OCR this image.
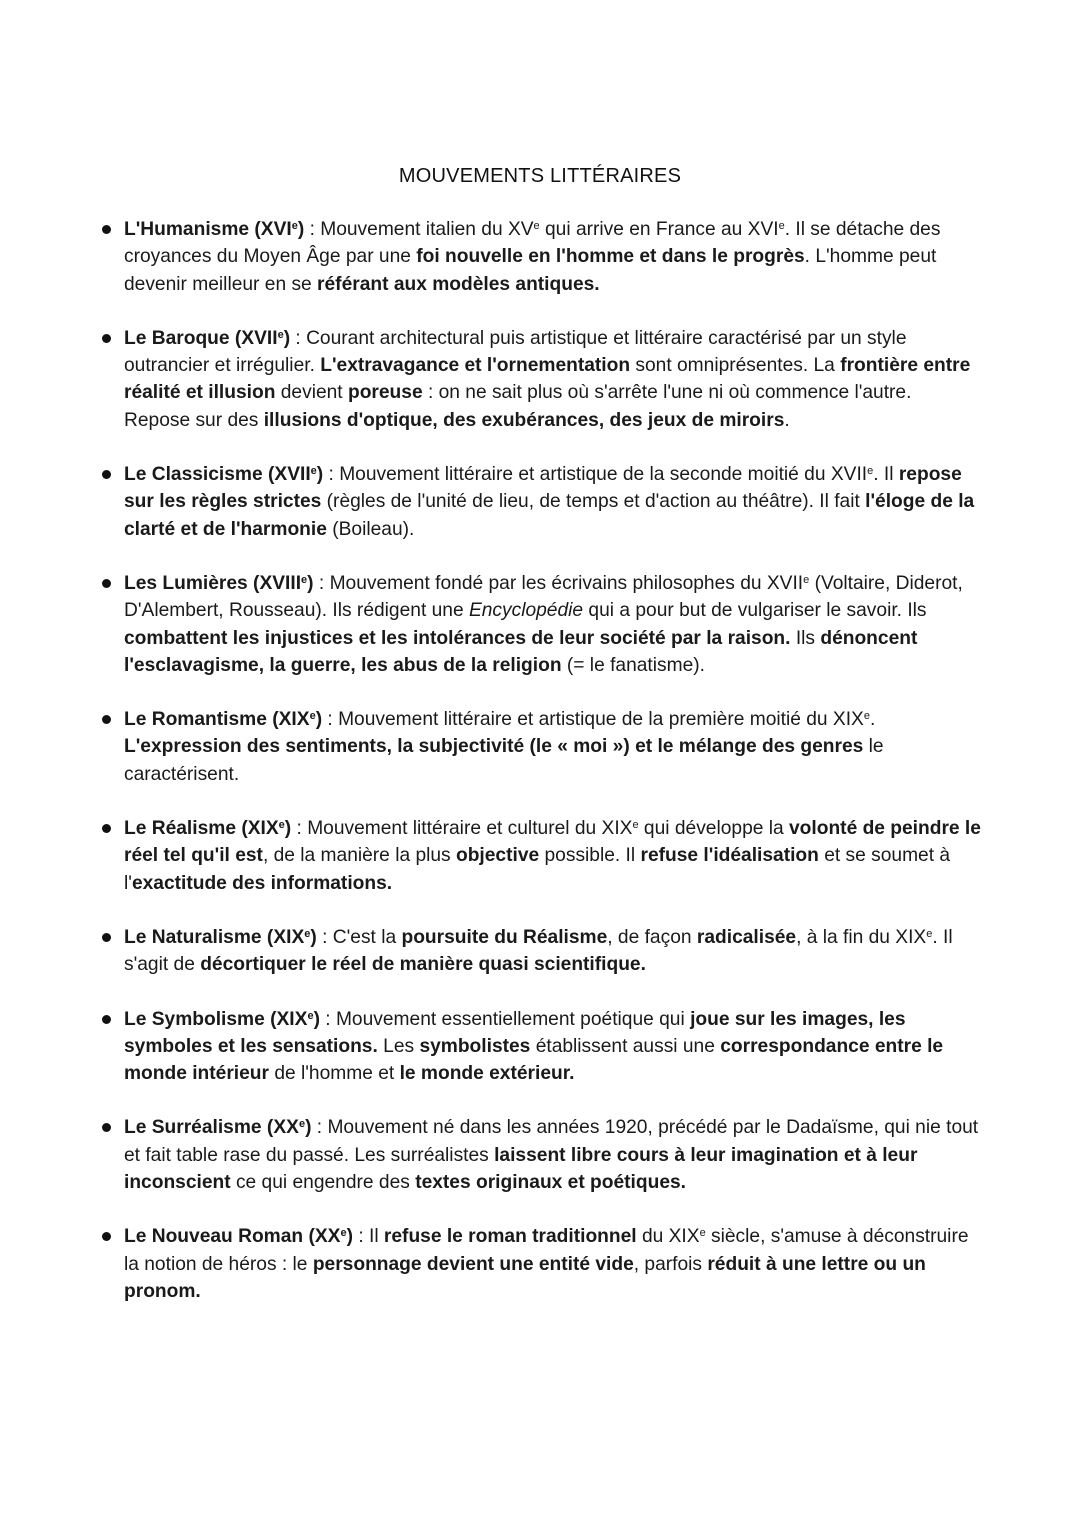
MOUVEMENTS LITTÉRAIRES
L'Humanisme (XVIe) : Mouvement italien du XVe qui arrive en France au XVIe. Il se détache des croyances du Moyen Âge par une foi nouvelle en l'homme et dans le progrès. L'homme peut devenir meilleur en se référant aux modèles antiques.
Le Baroque (XVIIe) : Courant architectural puis artistique et littéraire caractérisé par un style outrancier et irrégulier. L'extravagance et l'ornementation sont omniprésentes. La frontière entre réalité et illusion devient poreuse : on ne sait plus où s'arrête l'une ni où commence l'autre. Repose sur des illusions d'optique, des exubérances, des jeux de miroirs.
Le Classicisme (XVIIe) : Mouvement littéraire et artistique de la seconde moitié du XVIIe. Il repose sur les règles strictes (règles de l'unité de lieu, de temps et d'action au théâtre). Il fait l'éloge de la clarté et de l'harmonie (Boileau).
Les Lumières (XVIIIe) : Mouvement fondé par les écrivains philosophes du XVIIe (Voltaire, Diderot, D'Alembert, Rousseau). Ils rédigent une Encyclopédie qui a pour but de vulgariser le savoir. Ils combattent les injustices et les intolérances de leur société par la raison. Ils dénoncent l'esclavagisme, la guerre, les abus de la religion (= le fanatisme).
Le Romantisme (XIXe) : Mouvement littéraire et artistique de la première moitié du XIXe. L'expression des sentiments, la subjectivité (le « moi ») et le mélange des genres le caractérisent.
Le Réalisme (XIXe) : Mouvement littéraire et culturel du XIXe qui développe la volonté de peindre le réel tel qu'il est, de la manière la plus objective possible. Il refuse l'idéalisation et se soumet à l'exactitude des informations.
Le Naturalisme (XIXe) : C'est la poursuite du Réalisme, de façon radicalisée, à la fin du XIXe. Il s'agit de décortiquer le réel de manière quasi scientifique.
Le Symbolisme (XIXe) : Mouvement essentiellement poétique qui joue sur les images, les symboles et les sensations. Les symbolistes établissent aussi une correspondance entre le monde intérieur de l'homme et le monde extérieur.
Le Surréalisme (XXe) : Mouvement né dans les années 1920, précédé par le Dadaïsme, qui nie tout et fait table rase du passé. Les surréalistes laissent libre cours à leur imagination et à leur inconscient ce qui engendre des textes originaux et poétiques.
Le Nouveau Roman (XXe) : Il refuse le roman traditionnel du XIXe siècle, s'amuse à déconstruire la notion de héros : le personnage devient une entité vide, parfois réduit à une lettre ou un pronom.
